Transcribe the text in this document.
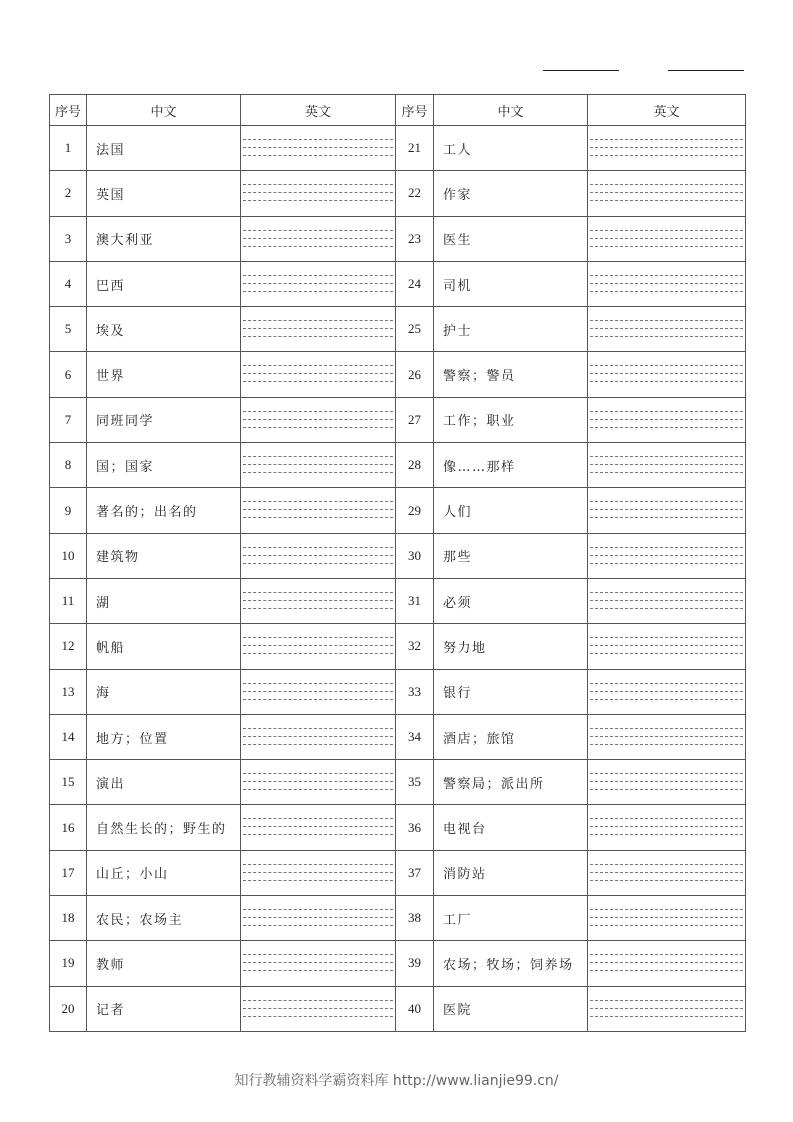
序号	中文	英文	序号	中文	英文
1	法国		21	工人	

2	英国		22	作家	

3	澳大利亚		23	医生	

4	巴西		24	司机	

5	埃及		25	护士	

6	世界		26	警察；警员	

7	同班同学		27	工作；职业	

8	国；国家		28	像……那样	

9	著名的；出名的		29	人们	

10	建筑物		30	那些	

11	湖		31	必须	

12	帆船		32	努力地	

13	海		33	银行	

14	地方；位置		34	酒店；旅馆	

15	演出		35	警察局；派出所	

16	自然生长的；野生的		36	电视台	

17	山丘；小山		37	消防站	

18	农民；农场主		38	工厂	

19	教师		39	农场；牧场；饲养场	

20	记者		40	医院	
知行教辅资料学霸资料库 http://www.lianjie99.cn/
